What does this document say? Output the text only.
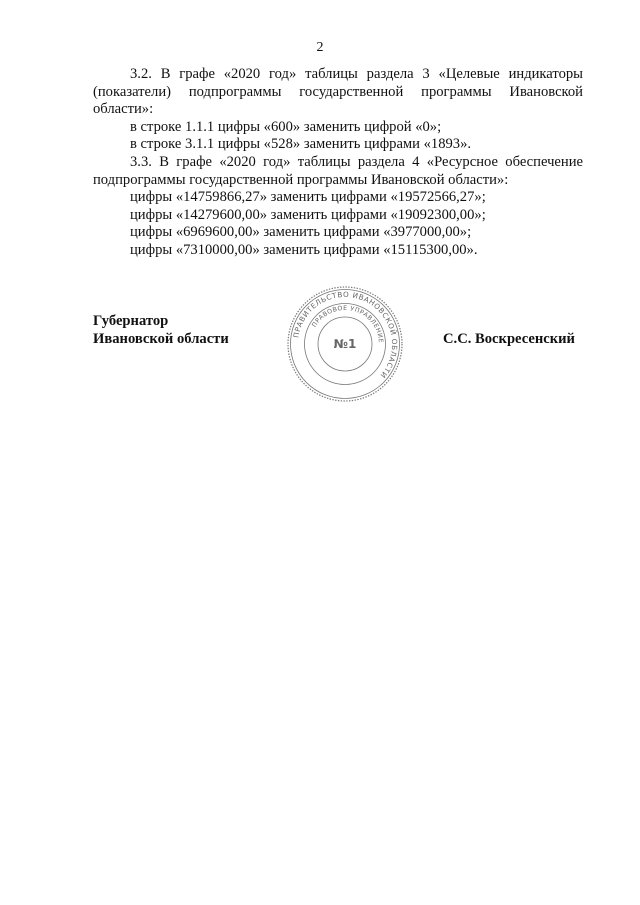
2

3.2. В графе «2020 год» таблицы раздела 3 «Целевые индикаторы (показатели) подпрограммы государственной программы Ивановской области»:

в строке 1.1.1 цифры «600» заменить цифрой «0»;

в строке 3.1.1 цифры «528» заменить цифрами «1893».

3.3. В графе «2020 год» таблицы раздела 4 «Ресурсное обеспечение подпрограммы государственной программы Ивановской области»:

цифры «14759866,27» заменить цифрами «19572566,27»;

цифры «14279600,00» заменить цифрами «19092300,00»;

цифры «6969600,00» заменить цифрами «3977000,00»;

цифры «7310000,00» заменить цифрами «15115300,00».

Губернатор
Ивановской области	С.С. Воскресенский
ПРАВИТЕЛЬСТВО ИВАНОВСКОЙ ОБЛАСТИ
ПРАВОВОЕ УПРАВЛЕНИЕ
№1
